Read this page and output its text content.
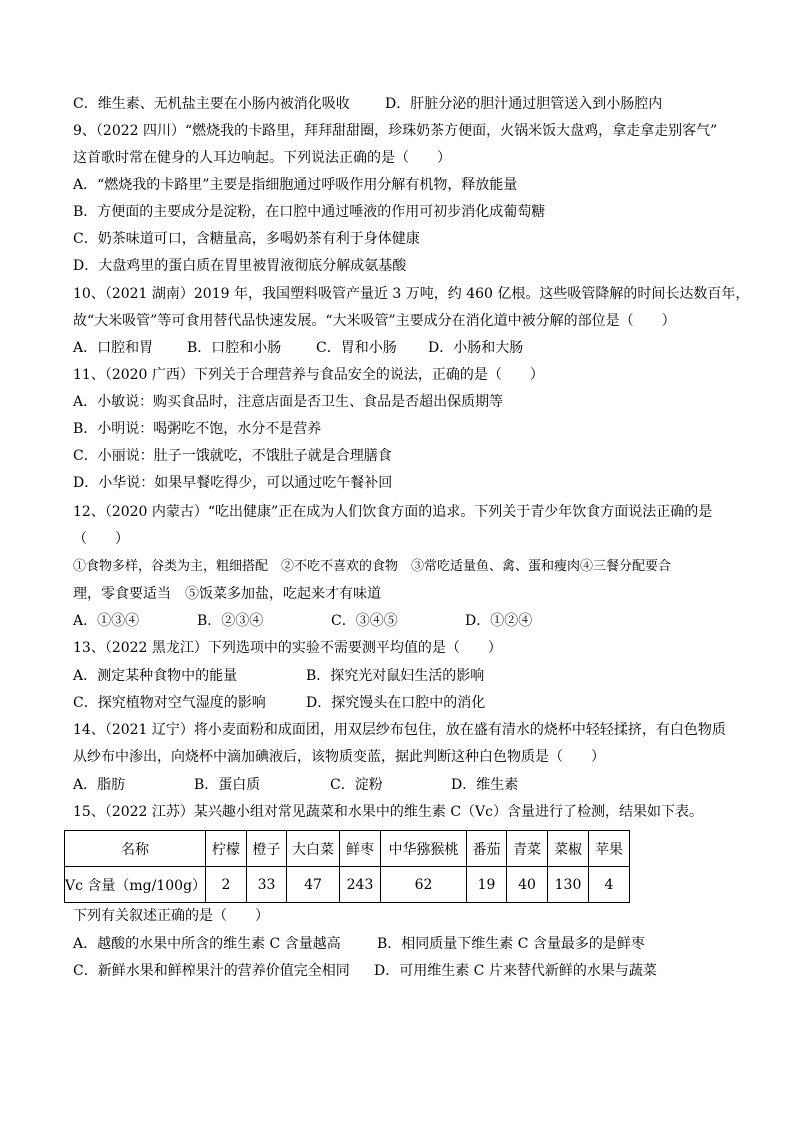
C．维生素、无机盐主要在小肠内被消化吸收	D．肝脏分泌的胆汁通过胆管送入到小肠腔内
9、（2022 四川）“燃烧我的卡路里，拜拜甜甜圈，珍珠奶茶方便面，火锅米饭大盘鸡，拿走拿走别客气”
这首歌时常在健身的人耳边响起。下列说法正确的是（　　）
A．“燃烧我的卡路里”主要是指细胞通过呼吸作用分解有机物，释放能量
B．方便面的主要成分是淀粉，在口腔中通过唾液的作用可初步消化成葡萄糖
C．奶茶味道可口，含糖量高，多喝奶茶有利于身体健康
D．大盘鸡里的蛋白质在胃里被胃液彻底分解成氨基酸
10、（2021 湖南）2019 年，我国塑料吸管产量近 3 万吨，约 460 亿根。这些吸管降解的时间长达数百年，
故“大米吸管”等可食用替代品快速发展。“大米吸管”主要成分在消化道中被分解的部位是（　　）
A．口腔和胃 B．口腔和小肠 C．胃和小肠 D．小肠和大肠
11、（2020 广西）下列关于合理营养与食品安全的说法，正确的是（　　）
A．小敏说：购买食品时，注意店面是否卫生、食品是否超出保质期等
B．小明说：喝粥吃不饱，水分不是营养
C．小丽说：肚子一饿就吃，不饿肚子就是合理膳食
D．小华说：如果早餐吃得少，可以通过吃午餐补回
12、（2020 内蒙古）“吃出健康”正在成为人们饮食方面的追求。下列关于青少年饮食方面说法正确的是
（　　）
①食物多样，谷类为主，粗细搭配　②不吃不喜欢的食物　③常吃适量鱼、禽、蛋和瘦肉④三餐分配要合
理，零食要适当　⑤饭菜多加盐，吃起来才有味道
A．①③④	B．②③④	C．③④⑤	D．①②④
13、（2022 黑龙江）下列选项中的实验不需要测平均值的是（　　）
A．测定某种食物中的能量	B．探究光对鼠妇生活的影响
C．探究植物对空气湿度的影响	D．探究馒头在口腔中的消化
14、（2021 辽宁）将小麦面粉和成面团，用双层纱布包住，放在盛有清水的烧杯中轻轻揉挤，有白色物质
从纱布中渗出，向烧杯中滴加碘液后，该物质变蓝，据此判断这种白色物质是（　　）
A．脂肪	B．蛋白质	C．淀粉	D．维生素
15、（2022 江苏）某兴趣小组对常见蔬菜和水果中的维生素 C（Vc）含量进行了检测，结果如下表。
名称	柠檬	橙子	大白菜	鲜枣	中华猕猴桃	番茄	青菜	菜椒	苹果
Vc 含量（mg/100g）	2	33	47	243	62	19	40	130	4
下列有关叙述正确的是（　　）
A．越酸的水果中所含的维生素 C 含量越高	B．相同质量下维生素 C 含量最多的是鲜枣
C．新鲜水果和鲜榨果汁的营养价值完全相同 D．可用维生素 C 片来替代新鲜的水果与蔬菜
